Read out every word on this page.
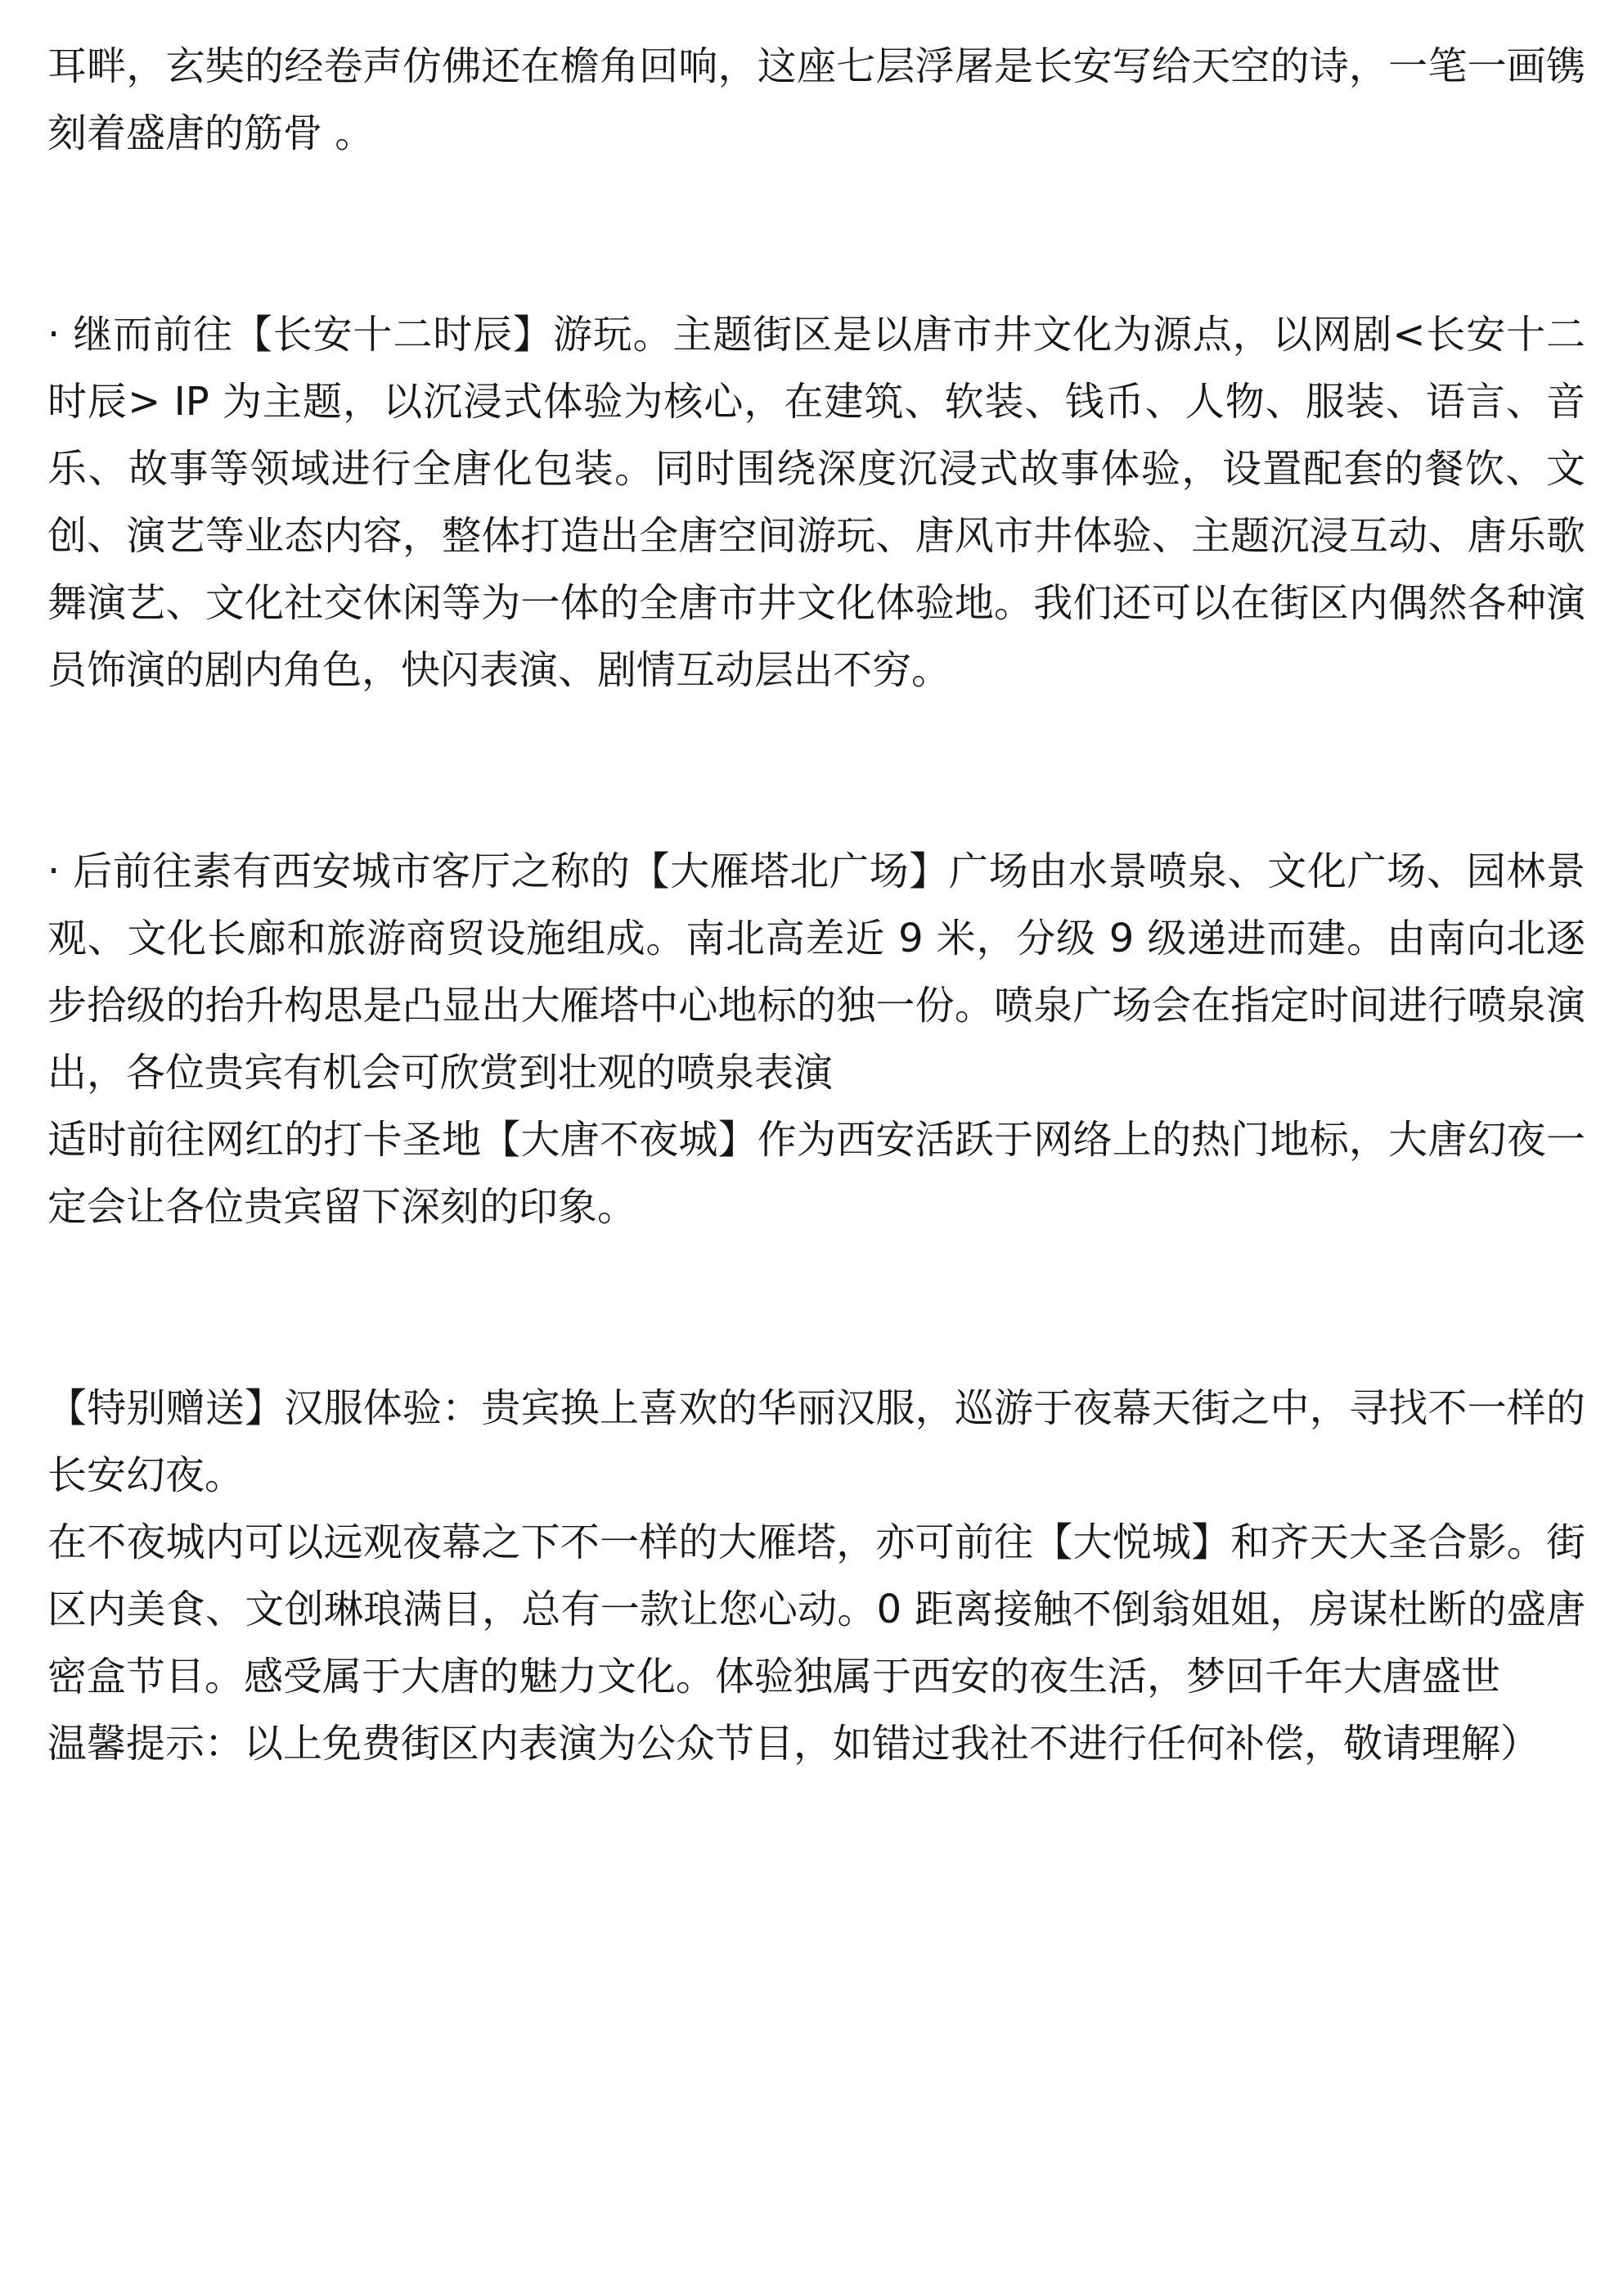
耳畔，玄奘的经卷声仿佛还在檐角回响，这座七层浮屠是长安写给天空的诗，一笔一画镌刻着盛唐的筋骨 。

· 继而前往【长安十二时辰】游玩。主题街区是以唐市井文化为源点，以网剧<长安十二时辰> IP 为主题，以沉浸式体验为核心，在建筑、软装、钱币、人物、服装、语言、音乐、故事等领域进行全唐化包装。同时围绕深度沉浸式故事体验，设置配套的餐饮、文创、演艺等业态内容，整体打造出全唐空间游玩、唐风市井体验、主题沉浸互动、唐乐歌舞演艺、文化社交休闲等为一体的全唐市井文化体验地。我们还可以在街区内偶然各种演员饰演的剧内角色，快闪表演、剧情互动层出不穷。

· 后前往素有西安城市客厅之称的【大雁塔北广场】广场由水景喷泉、文化广场、园林景观、文化长廊和旅游商贸设施组成。南北高差近 9 米，分级 9 级递进而建。由南向北逐步拾级的抬升构思是凸显出大雁塔中心地标的独一份。喷泉广场会在指定时间进行喷泉演出，各位贵宾有机会可欣赏到壮观的喷泉表演

适时前往网红的打卡圣地【大唐不夜城】作为西安活跃于网络上的热门地标，大唐幻夜一定会让各位贵宾留下深刻的印象。

【特别赠送】汉服体验：贵宾换上喜欢的华丽汉服，巡游于夜幕天街之中，寻找不一样的长安幻夜。

在不夜城内可以远观夜幕之下不一样的大雁塔，亦可前往【大悦城】和齐天大圣合影。街区内美食、文创琳琅满目，总有一款让您心动。0 距离接触不倒翁姐姐，房谋杜断的盛唐密盒节目。感受属于大唐的魅力文化。体验独属于西安的夜生活，梦回千年大唐盛世

温馨提示：以上免费街区内表演为公众节目，如错过我社不进行任何补偿，敬请理解）
